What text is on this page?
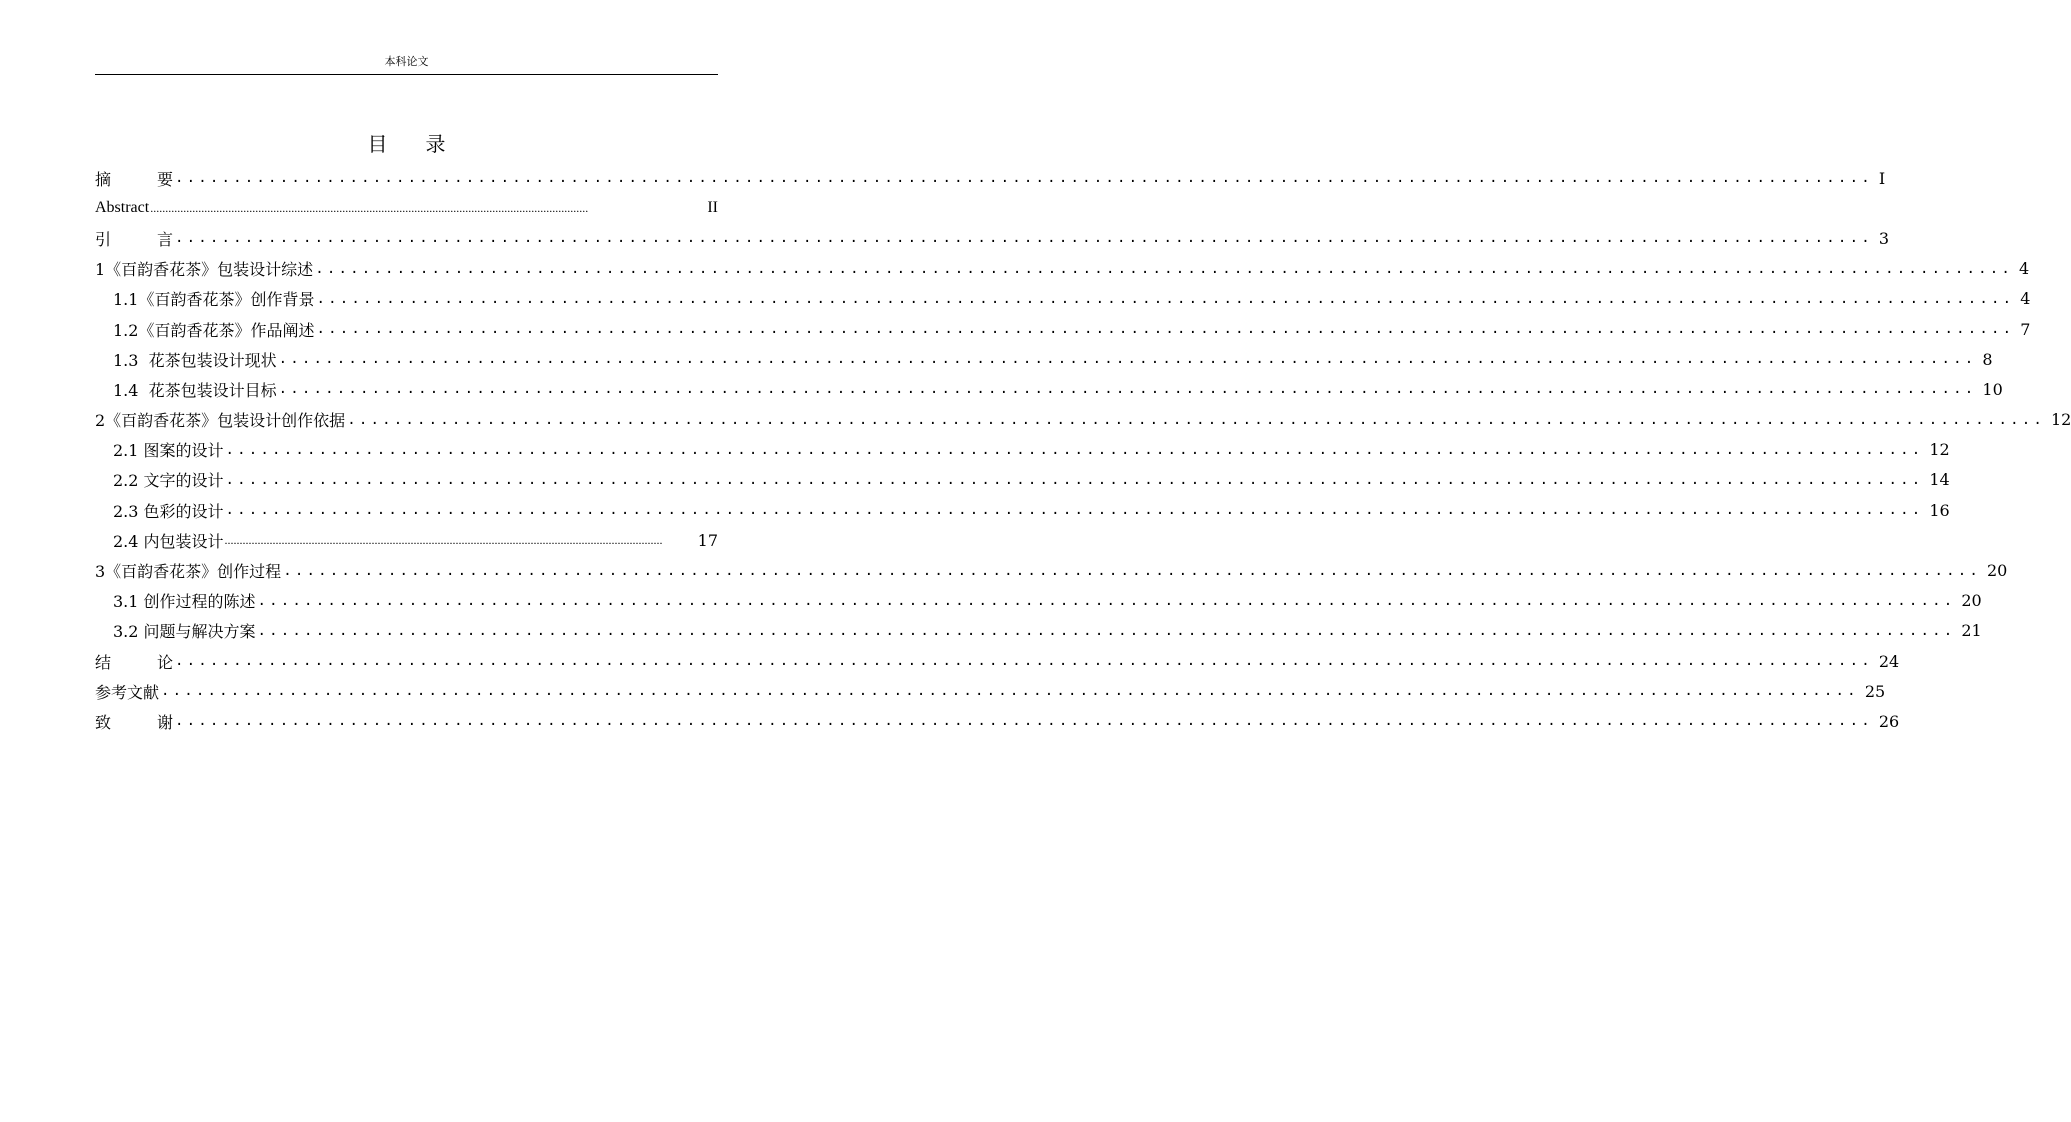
本科论文
目 录
摘	要 .................................................................................................................................................. I
Abstract ..................................................................................................................................................	II
引	言 .................................................................................................................................................. 3
1《百韵香花茶》包装设计综述 .................................................................................................................................................. 4
1.1《百韵香花茶》创作背景 .................................................................................................................................................. 4
1.2《百韵香花茶》作品阐述 .................................................................................................................................................. 7
1.3  花茶包装设计现状 .................................................................................................................................................. 8
1.4  花茶包装设计目标 .................................................................................................................................................. 10
2《百韵香花茶》包装设计创作依据 .................................................................................................................................................. 12
2.1 图案的设计 .................................................................................................................................................. 12
2.2 文字的设计 .................................................................................................................................................. 14
2.3 色彩的设计 .................................................................................................................................................. 16
2.4 内包装设计 ..................................................................................................................................................	17
3《百韵香花茶》创作过程 .................................................................................................................................................. 20
3.1 创作过程的陈述 .................................................................................................................................................. 20
3.2 问题与解决方案 .................................................................................................................................................. 21
结	论 .................................................................................................................................................. 24
参考文献 .................................................................................................................................................. 25
致	谢 .................................................................................................................................................. 26
